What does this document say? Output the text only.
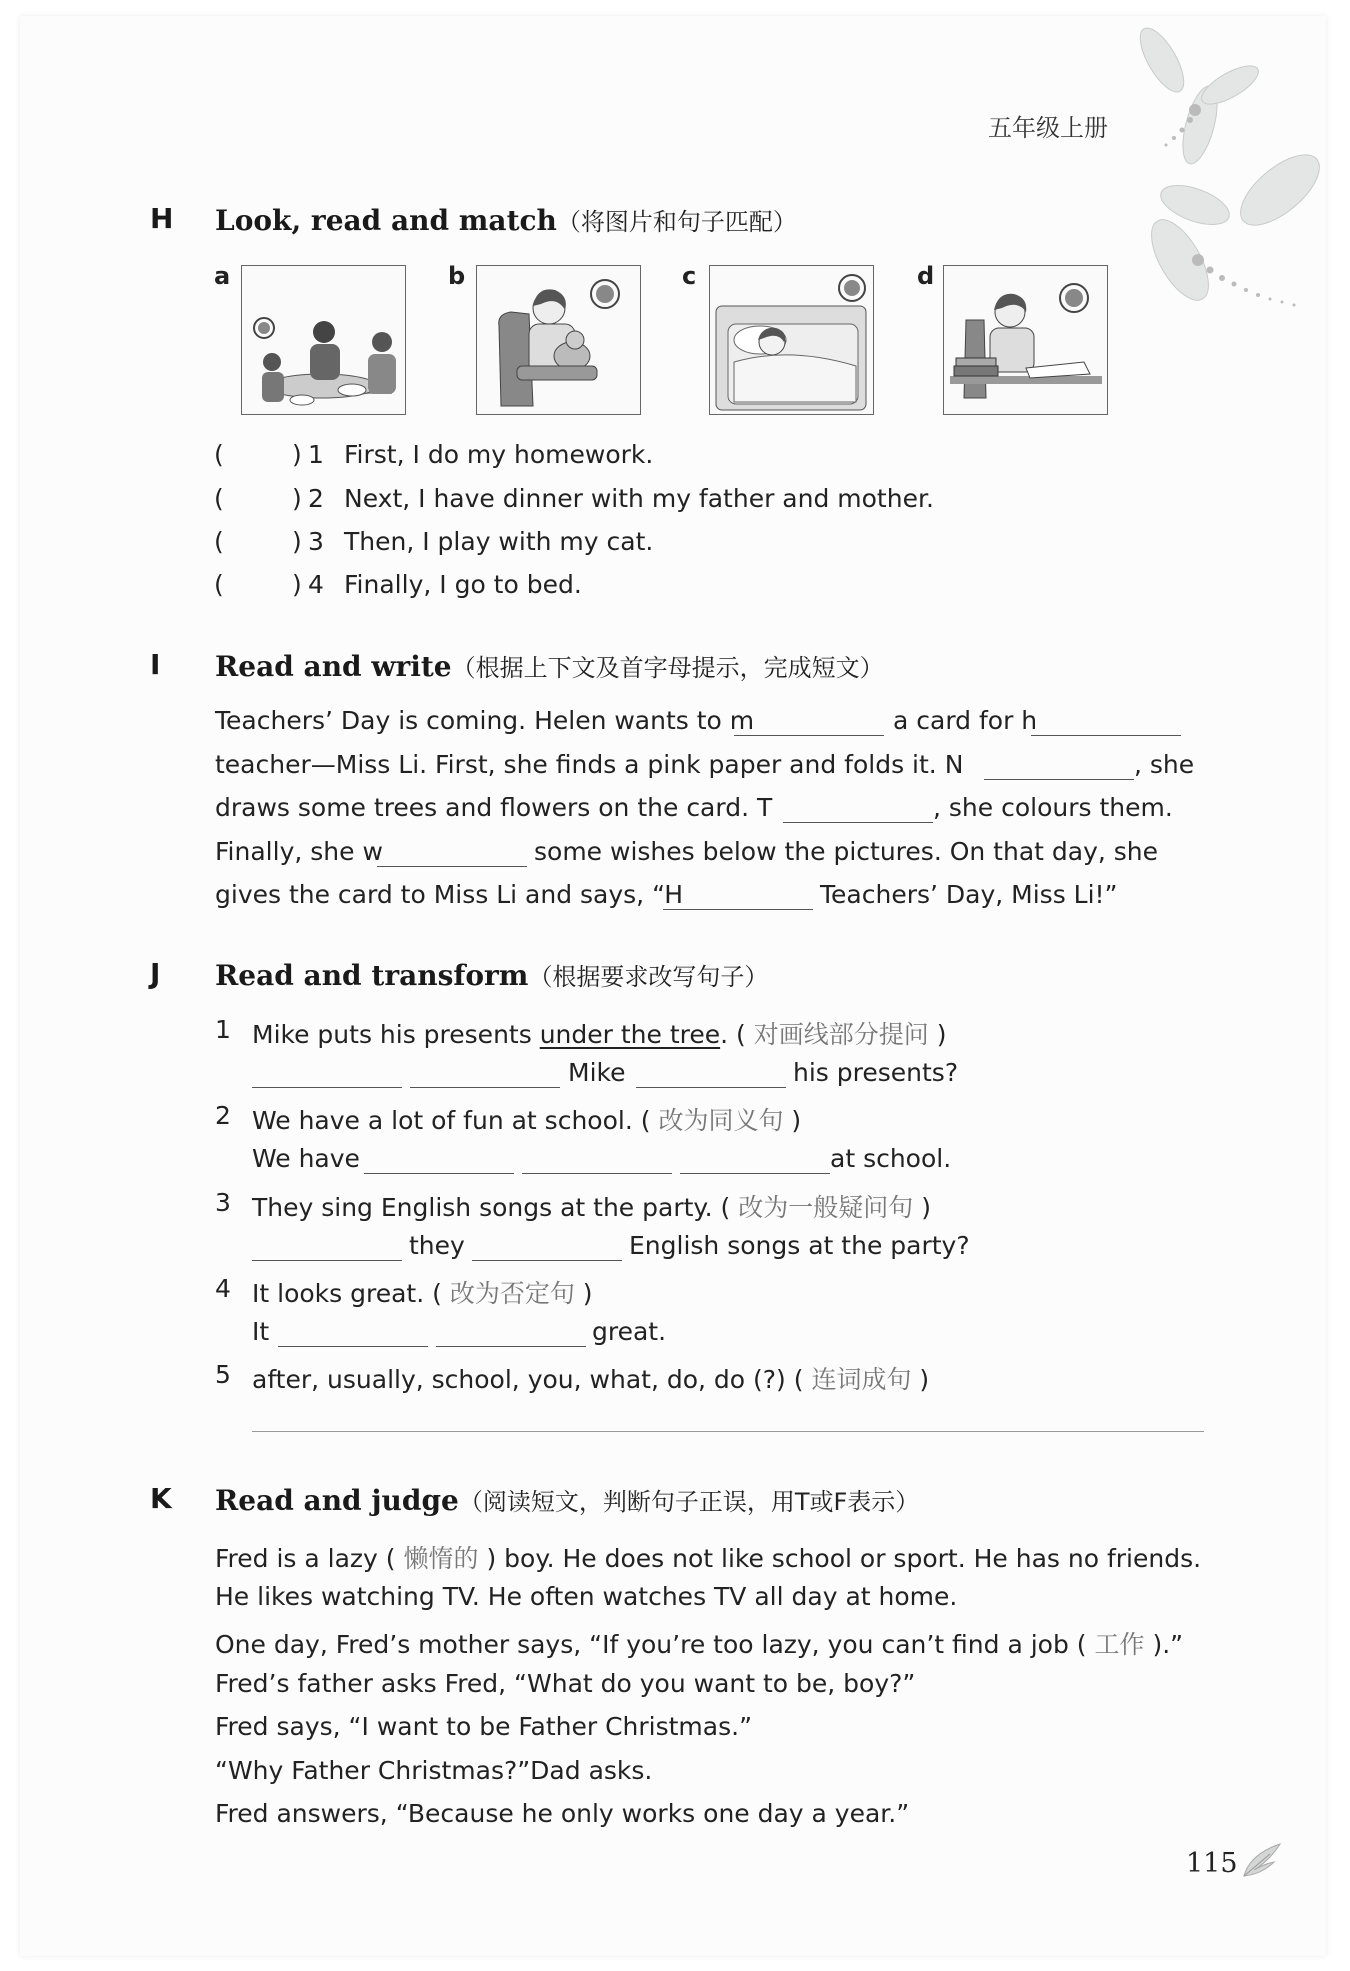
五年级上册
H Look, read and match（将图片和句子匹配）
a	b	c	d
(	) 1 First, I do my homework.
(	) 2 Next, I have dinner with my father and mother.
(	) 3 Then, I play with my cat.
(	) 4 Finally, I go to bed.
I Read and write（根据上下文及首字母提示，完成短文）
Teachers’ Day is coming. Helen wants to m	a card for h
teacher—Miss Li. First, she finds a pink paper and folds it. N	, she
draws some trees and flowers on the card. T	, she colours them.
Finally, she w	some wishes below the pictures. On that day, she
gives the card to Miss Li and says, “H	Teachers’ Day, Miss Li!”
J Read and transform（根据要求改写句子）
1 Mike puts his presents under the tree. ( 对画线部分提问 )
Mike	his presents?
2 We have a lot of fun at school. ( 改为同义句 )
We have	at school.
3 They sing English songs at the party. ( 改为一般疑问句 )
they	English songs at the party?
4 It looks great. ( 改为否定句 )
It	great.
5 after, usually, school, you, what, do, do (?) ( 连词成句 )
K Read and judge（阅读短文，判断句子正误，用T或F表示）
Fred is a lazy ( 懒惰的 ) boy. He does not like school or sport. He has no friends.
He likes watching TV. He often watches TV all day at home.
One day, Fred’s mother says, “If you’re too lazy, you can’t find a job ( 工作 ).”
Fred’s father asks Fred, “What do you want to be, boy?”
Fred says, “I want to be Father Christmas.”
“Why Father Christmas?”Dad asks.
Fred answers, “Because he only works one day a year.”
115
